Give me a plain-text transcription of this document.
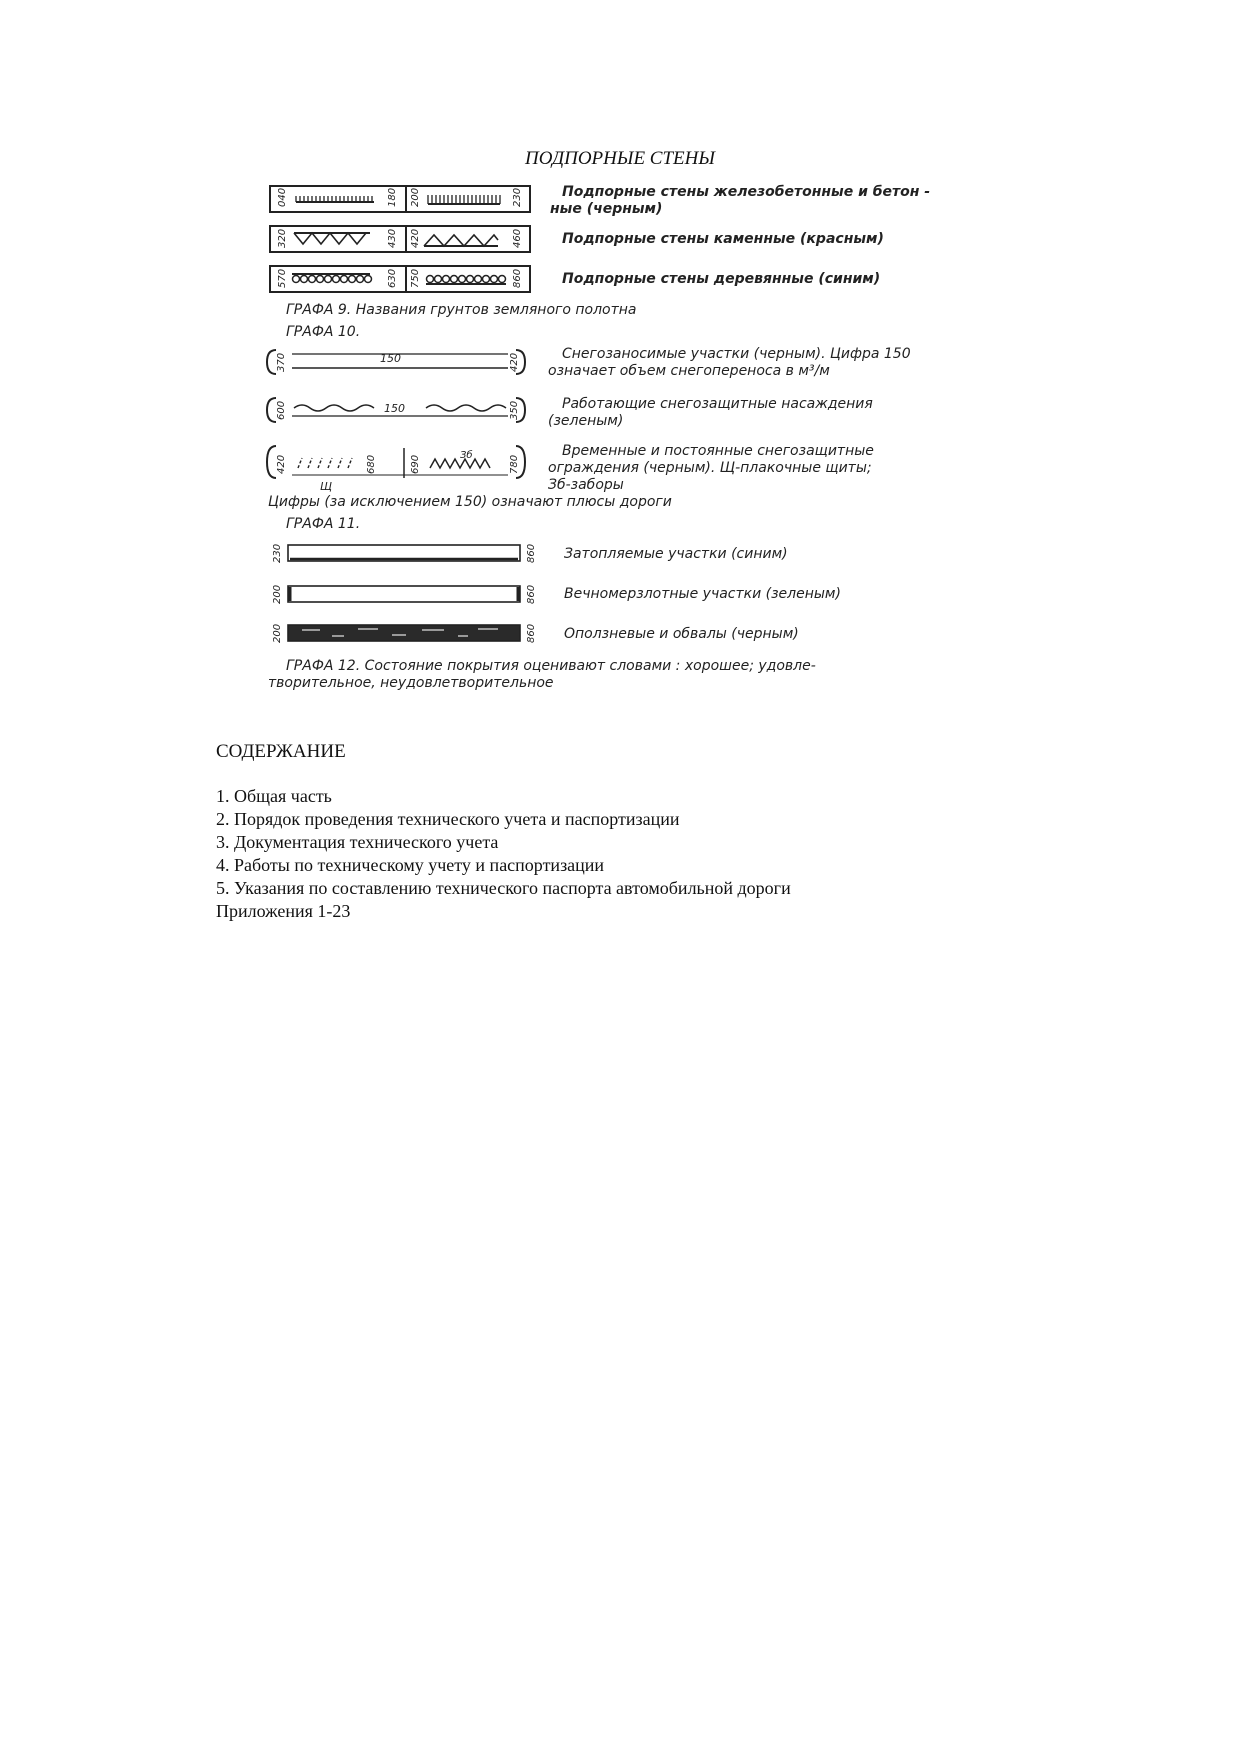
ПОДПОРНЫЕ СТЕНЫ
040	180 200	230
320	430 420	460
570	630 750	860
370	420
150
600	350
150
420	680	690	780
Щ
Зб
230	860
200	860
200	860
Подпорные стены железобетонные и бетон -
ные (черным)
Подпорные стены каменные (красным)
Подпорные стены деревянные (синим)
ГРАФА 9. Названия грунтов земляного полотна
ГРАФА 10.
Снегозаносимые участки (черным). Цифра 150
означает объем снегопереноса в м³/м
Работающие снегозащитные насаждения
(зеленым)
Временные и постоянные снегозащитные
ограждения (черным). Щ-плакочные щиты;
Зб-заборы
Цифры (за исключением 150) означают плюсы дороги
ГРАФА 11.
Затопляемые участки (синим)
Вечномерзлотные участки (зеленым)
Оползневые и обвалы (черным)
ГРАФА 12. Состояние покрытия оценивают словами : хорошее; удовле-
творительное, неудовлетворительное
СОДЕРЖАНИЕ
1. Общая часть
2. Порядок проведения технического учета и паспортизации
3. Документация технического учета
4. Работы по техническому учету и паспортизации
5. Указания по составлению технического паспорта автомобильной дороги
Приложения 1-23
